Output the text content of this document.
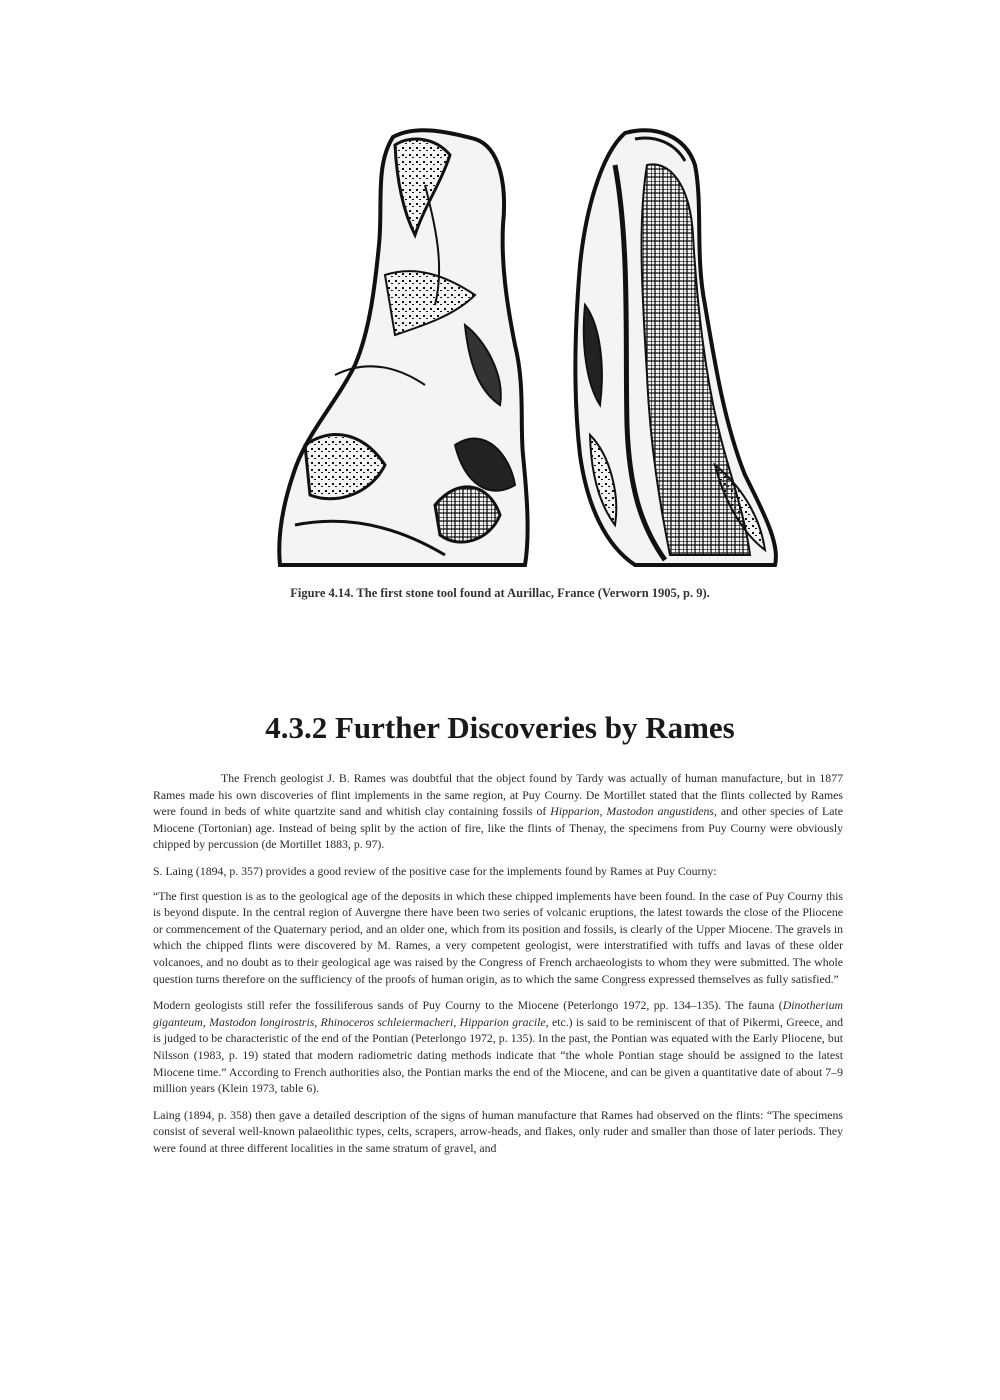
Figure 4.14. The first stone tool found at Aurillac, France (Verworn 1905, p. 9).
4.3.2 Further Discoveries by Rames

The French geologist J. B. Rames was doubtful that the object found by Tardy was actually of human manufacture, but in 1877 Rames made his own discoveries of flint implements in the same region, at Puy Courny. De Mortillet stated that the flints collected by Rames were found in beds of white quartzite sand and whitish clay containing fossils of Hipparion, Mastodon angustidens, and other species of Late Miocene (Tortonian) age. Instead of being split by the action of fire, like the flints of Thenay, the specimens from Puy Courny were obviously chipped by percussion (de Mortillet 1883, p. 97).

S. Laing (1894, p. 357) provides a good review of the positive case for the implements found by Rames at Puy Courny:

“The first question is as to the geological age of the deposits in which these chipped implements have been found. In the case of Puy Courny this is beyond dispute. In the central region of Auvergne there have been two series of volcanic eruptions, the latest towards the close of the Pliocene or commencement of the Quaternary period, and an older one, which from its position and fossils, is clearly of the Upper Miocene. The gravels in which the chipped flints were discovered by M. Rames, a very competent geologist, were interstratified with tuffs and lavas of these older volcanoes, and no doubt as to their geological age was raised by the Congress of French archaeologists to whom they were submitted. The whole question turns therefore on the sufficiency of the proofs of human origin, as to which the same Congress expressed themselves as fully satisfied.”

Modern geologists still refer the fossiliferous sands of Puy Courny to the Miocene (Peterlongo 1972, pp. 134–135). The fauna (Dinotherium giganteum, Mastodon longirostris, Rhinoceros schleiermacheri, Hipparion gracile, etc.) is said to be reminiscent of that of Pikermi, Greece, and is judged to be characteristic of the end of the Pontian (Peterlongo 1972, p. 135). In the past, the Pontian was equated with the Early Pliocene, but Nilsson (1983, p. 19) stated that modern radiometric dating methods indicate that “the whole Pontian stage should be assigned to the latest Miocene time.” According to French authorities also, the Pontian marks the end of the Miocene, and can be given a quantitative date of about 7–9 million years (Klein 1973, table 6).

Laing (1894, p. 358) then gave a detailed description of the signs of human manufacture that Rames had observed on the flints: “The specimens consist of several well-known palaeolithic types, celts, scrapers, arrow-heads, and flakes, only ruder and smaller than those of later periods. They were found at three different localities in the same stratum of gravel, and
